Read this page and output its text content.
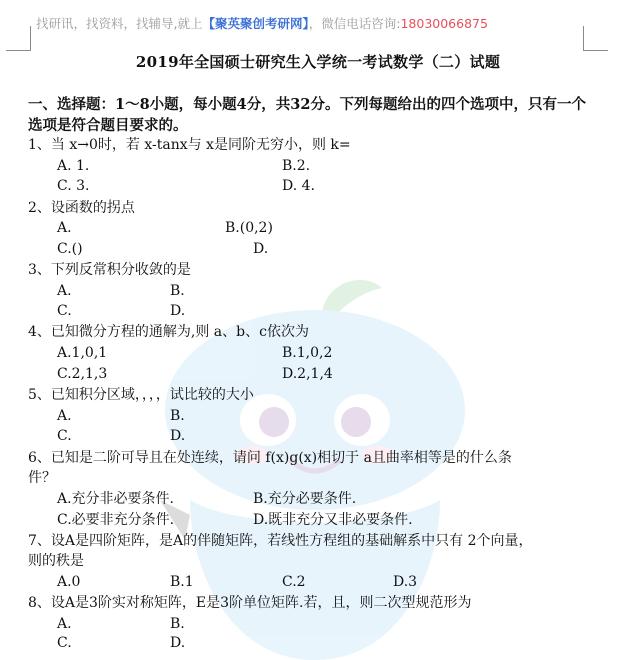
找研讯，找资料，找辅导,就上【聚英聚创考研网】，微信电话咨询:18030066875
2019年全国硕士研究生入学统一考试数学（二）试题
一、选择题：1～8小题，每小题4分，共32分。下列每题给出的四个选项中，只有一个选项是符合题目要求的。
1、当 x→0时，若 x-tanx与 x是同阶无穷小，则 k=
A. 1.	B.2.
C. 3.	D. 4.
2、设函数的拐点
A.	B.(0,2)
C.()	D.
3、下列反常积分收敛的是
A.	B.
C.	D.
4、已知微分方程的通解为,则 a、b、c依次为
A.1,0,1	B.1,0,2
C.2,1,3	D.2,1,4
5、已知积分区域，，，，试比较的大小
A.	B.
C.	D.
6、已知是二阶可导且在处连续，请问 f(x)g(x)相切于 a且曲率相等是的什么条
件？
A.充分非必要条件.	B.充分必要条件.
C.必要非充分条件.	D.既非充分又非必要条件.
7、设A是四阶矩阵，是A的伴随矩阵，若线性方程组的基础解系中只有 2个向量，
则的秩是
A.0	B.1	C.2	D.3
8、设A是3阶实对称矩阵，E是3阶单位矩阵.若，且，则二次型规范形为
A.	B.
C.	D.
